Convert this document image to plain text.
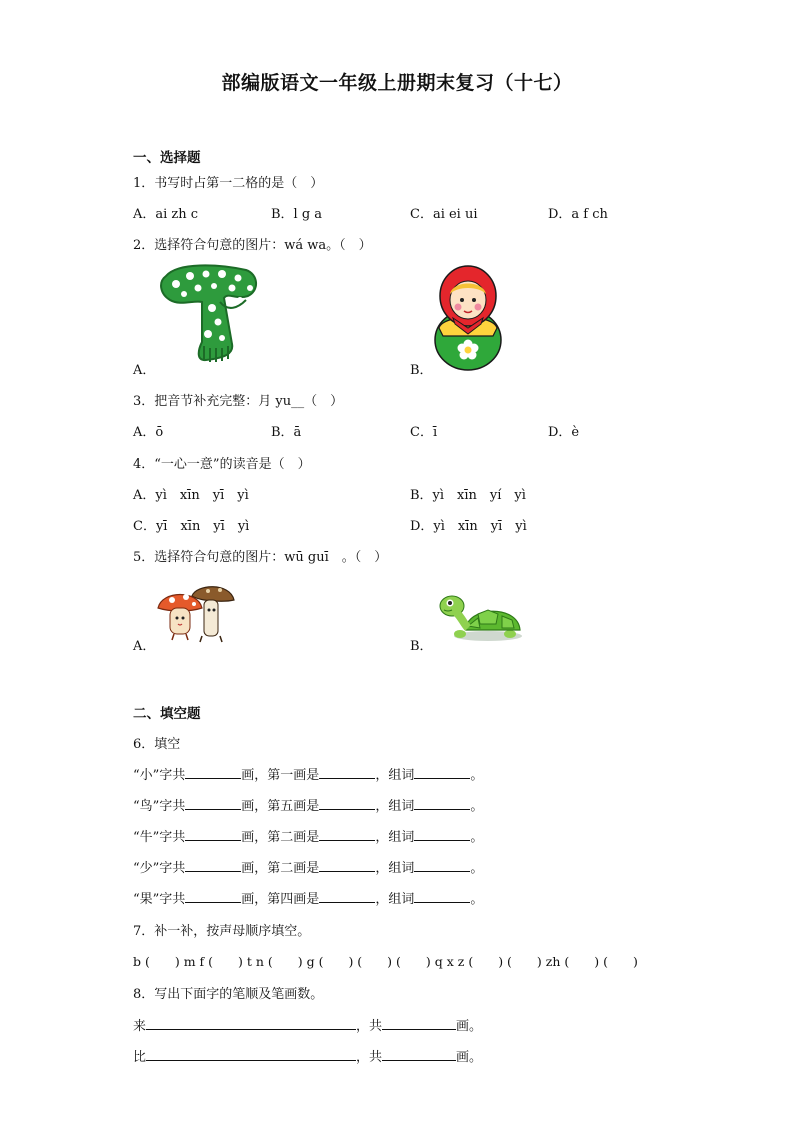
部编版语文一年级上册期末复习（十七）
一、选择题
1．书写时占第一二格的是（　）
A．ai zh c	B．l g a	C．ai ei ui	D．a f ch
2．选择符合句意的图片：wá wa。（　）
A．	B．
3．把音节补充完整：月 yu__（　）
A．ō	B．ā	C．ī	D．è
4．“一心一意”的读音是（　）
A．yì　xīn　yī　yì	B．yì　xīn　yí　yì
C．yī　xīn　yī　yì	D．yì　xīn　yī　yì
5．选择符合句意的图片：wū guī　。（　）
A．	B．
二、填空题
6．填空
“小”字共	画，第一画是	，组词	。
“鸟”字共	画，第五画是	，组词	。
“牛”字共	画，第二画是	，组词	。
“少”字共	画，第二画是	，组词	。
“果”字共	画，第四画是	，组词	。
7．补一补，按声母顺序填空。
b (　　) m f (　　) t n (　　) g (　　) (　　) (　　) q x z (　　) (　　) zh (　　) (　　)
8．写出下面字的笔顺及笔画数。
来	，共	画。
比	，共	画。
